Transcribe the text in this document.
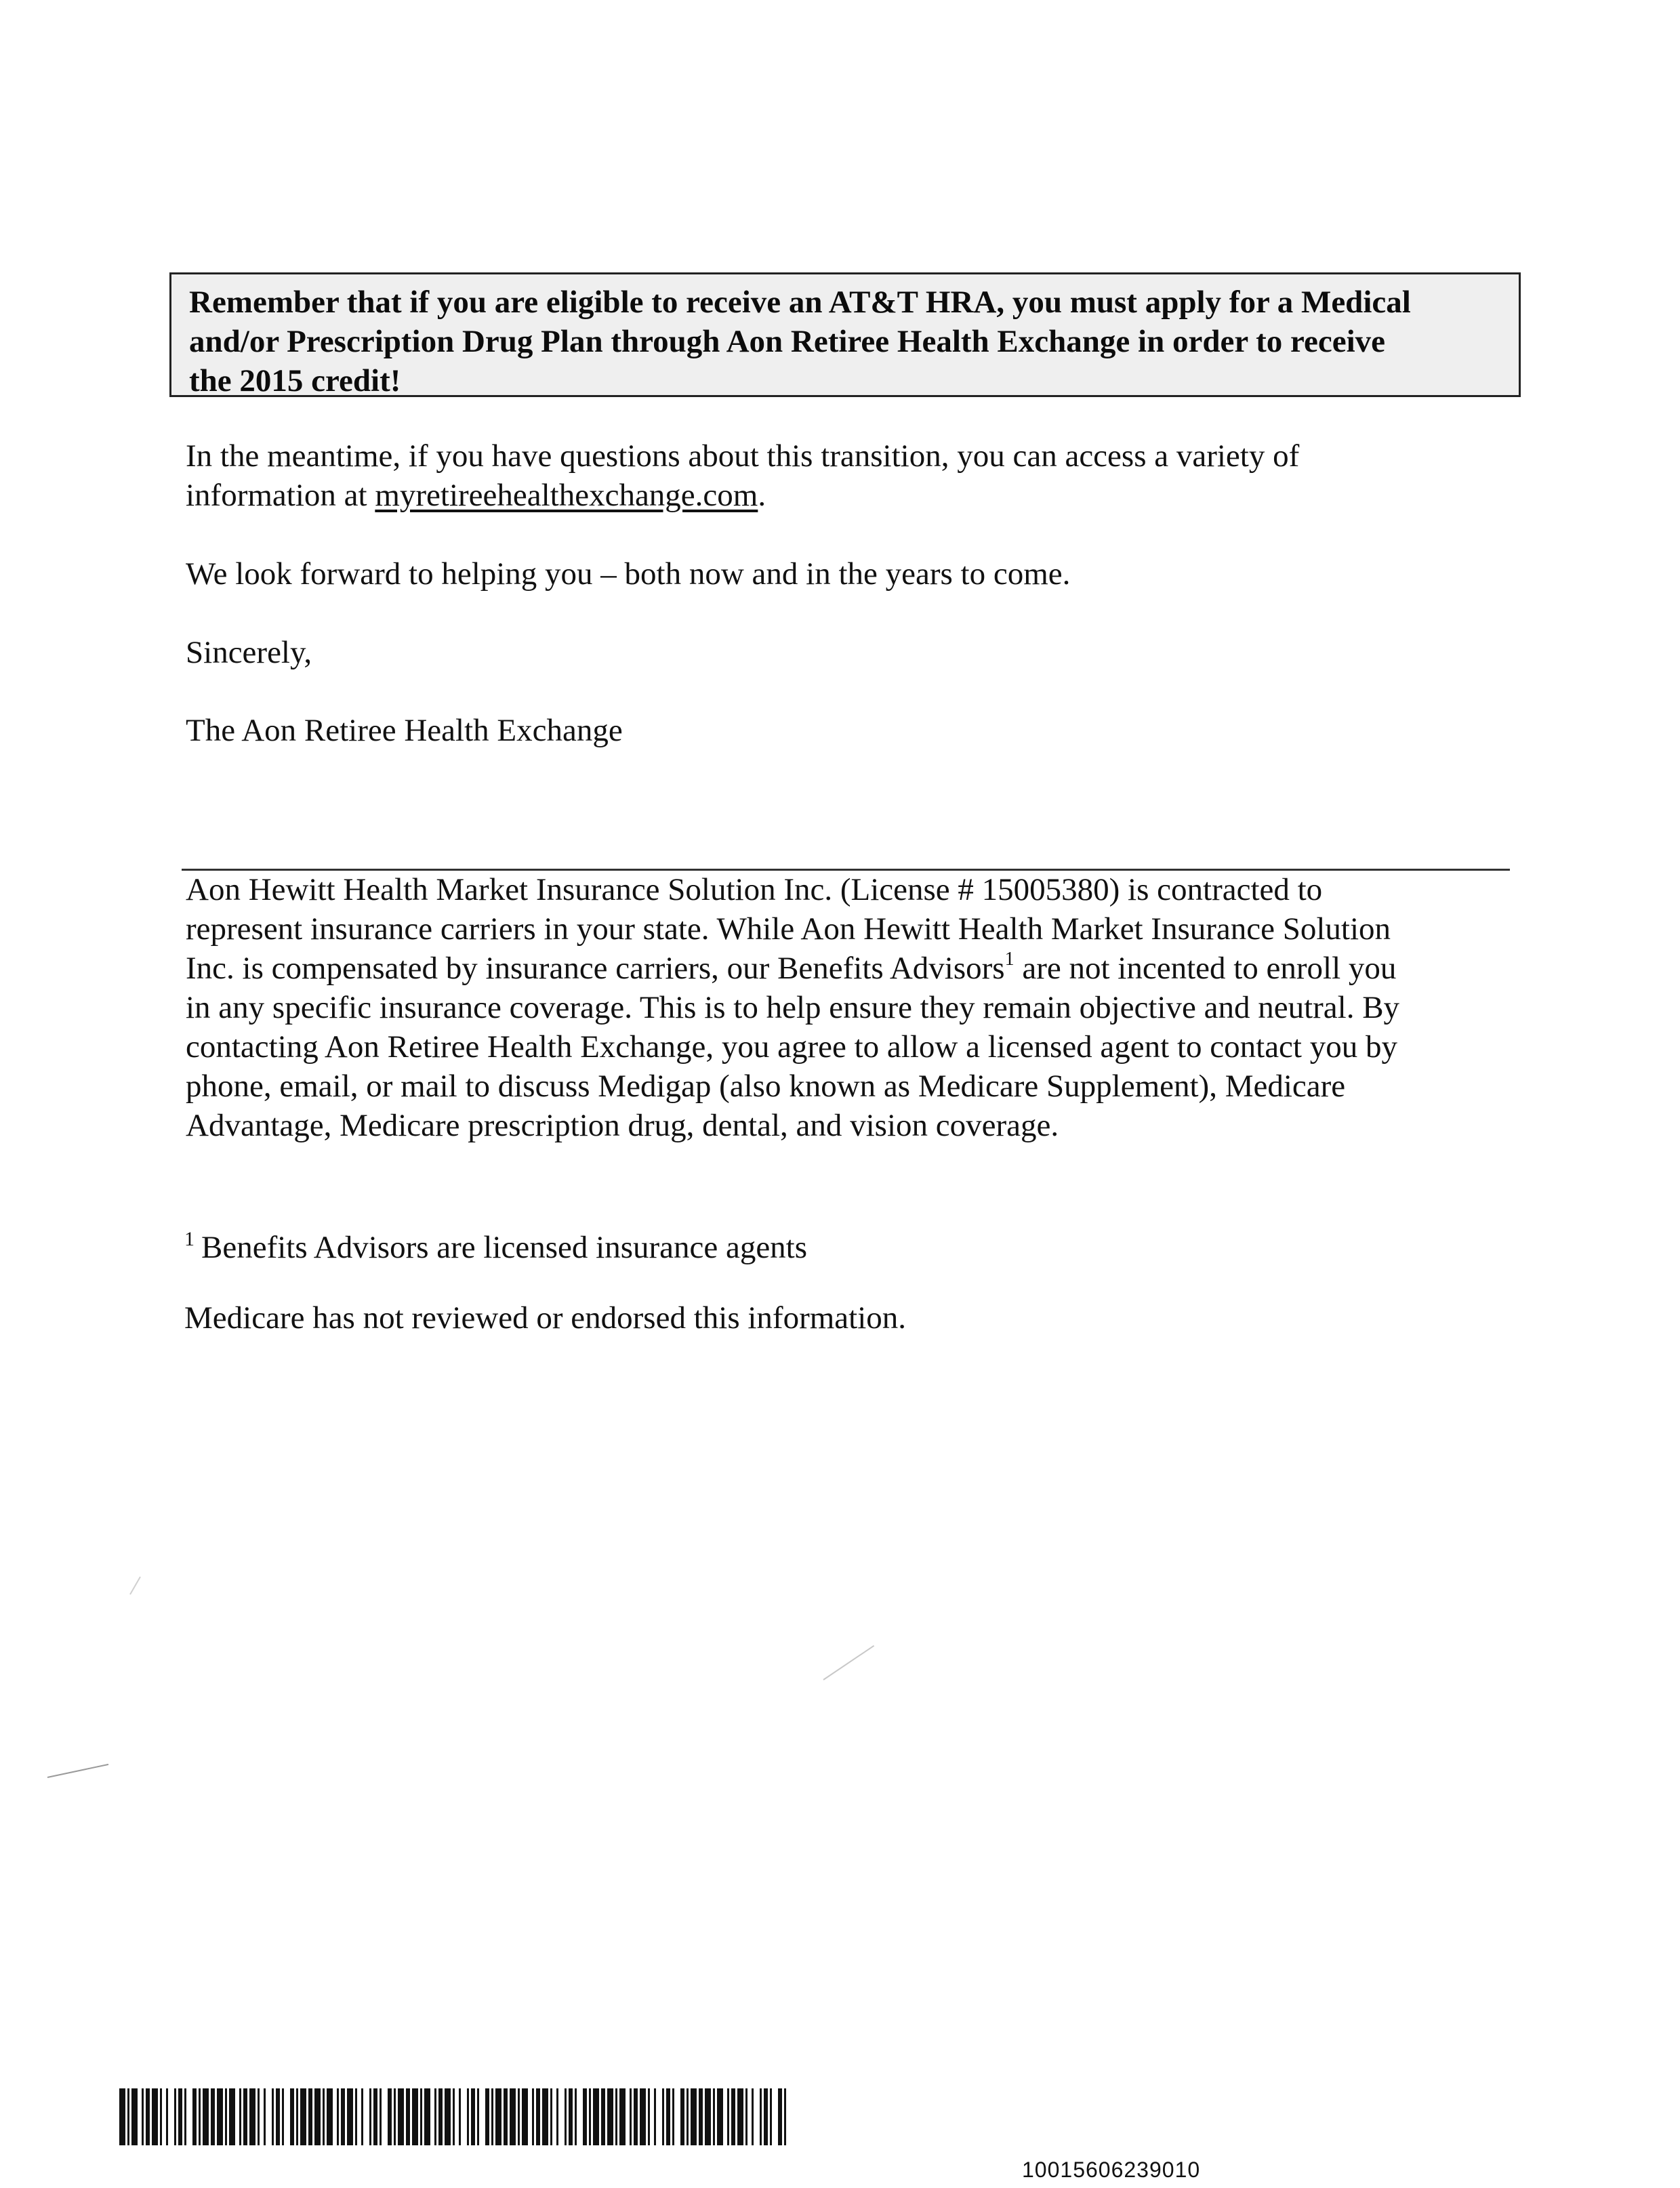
Remember that if you are eligible to receive an AT&T HRA, you must apply for a Medical
and/or Prescription Drug Plan through Aon Retiree Health Exchange in order to receive
the 2015 credit!
In the meantime, if you have questions about this transition, you can access a variety of
information at myretireehealthexchange.com.
We look forward to helping you – both now and in the years to come.
Sincerely,
The Aon Retiree Health Exchange
Aon Hewitt Health Market Insurance Solution Inc. (License # 15005380) is contracted to
represent insurance carriers in your state. While Aon Hewitt Health Market Insurance Solution
Inc. is compensated by insurance carriers, our Benefits Advisors$^1$ are not incented to enroll you
in any specific insurance coverage. This is to help ensure they remain objective and neutral. By
contacting Aon Retiree Health Exchange, you agree to allow a licensed agent to contact you by
phone, email, or mail to discuss Medigap (also known as Medicare Supplement), Medicare
Advantage, Medicare prescription drug, dental, and vision coverage.
$^1$ Benefits Advisors are licensed insurance agents
Medicare has not reviewed or endorsed this information.
10015606239010
